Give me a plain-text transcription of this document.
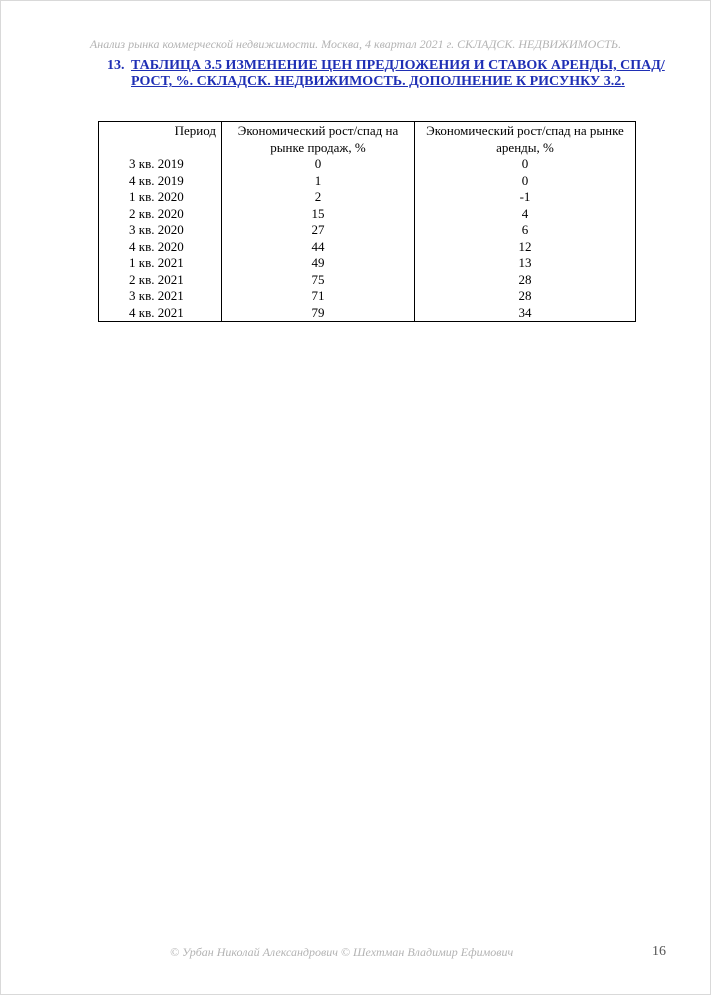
Анализ рынка коммерческой недвижимости. Москва, 4 квартал 2021 г. СКЛАДСК. НЕДВИЖИМОСТЬ.
13. ТАБЛИЦА 3.5 ИЗМЕНЕНИЕ ЦЕН ПРЕДЛОЖЕНИЯ И СТАВОК АРЕНДЫ, СПАД/РОСТ, %. СКЛАДСК. НЕДВИЖИМОСТЬ. ДОПОЛНЕНИЕ К РИСУНКУ 3.2.
Период	Экономический рост/спад на рынке продаж, %	Экономический рост/спад на рынке аренды, %
3 кв. 2019	0	0
4 кв. 2019	1	0
1 кв. 2020	2	-1
2 кв. 2020	15	4
3 кв. 2020	27	6
4 кв. 2020	44	12
1 кв. 2021	49	13
2 кв. 2021	75	28
3 кв. 2021	71	28
4 кв. 2021	79	34
© Урбан Николай Александрович © Шехтман Владимир Ефимович	16
